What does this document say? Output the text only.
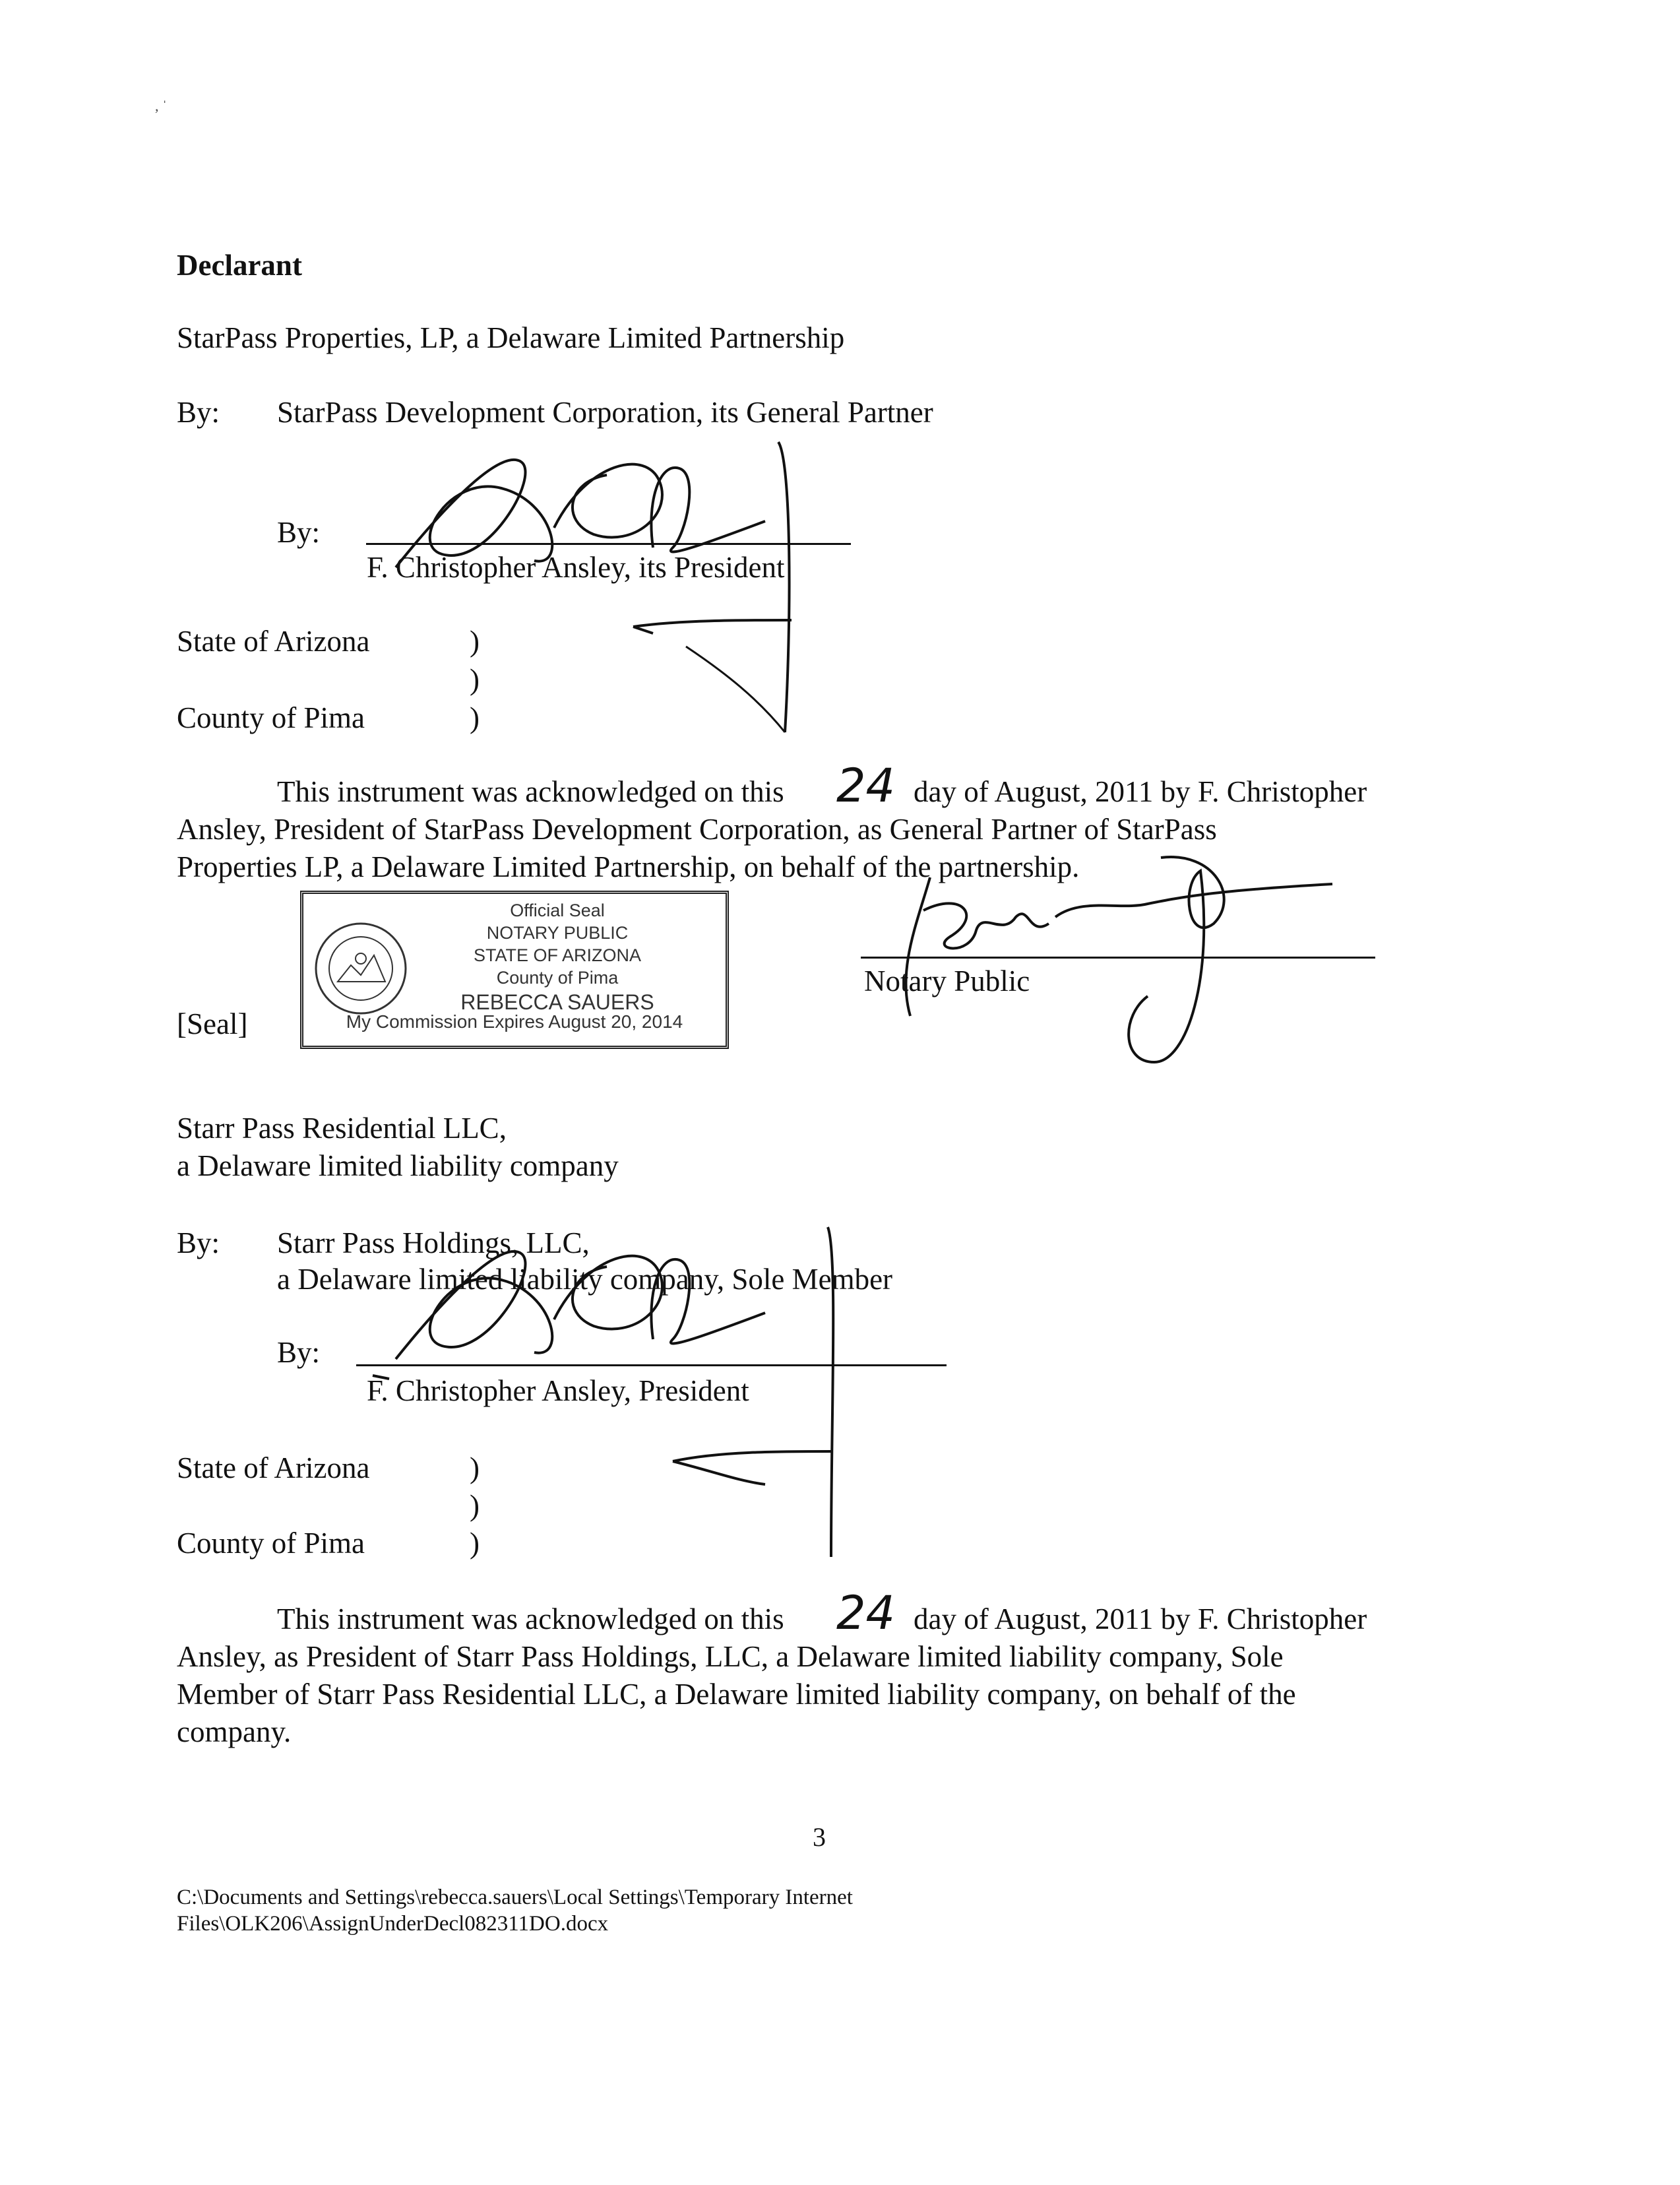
, ˈ
Declarant
StarPass Properties, LP, a Delaware Limited Partnership
By: StarPass Development Corporation, its General Partner
By:
F. Christopher Ansley, its President
State of Arizona	)
)
County of Pima	)
This instrument was acknowledged on this 24 day of August, 2011 by F. Christopher
Ansley, President of StarPass Development Corporation, as General Partner of StarPass
Properties LP, a Delaware Limited Partnership, on behalf of the partnership.
Official Seal
NOTARY PUBLIC
STATE OF ARIZONA
County of Pima
REBECCA SAUERS
My Commission Expires August 20, 2014
[Seal]
Notary Public
Starr Pass Residential LLC,
a Delaware limited liability company
By: Starr Pass Holdings, LLC,
a Delaware limited liability company, Sole Member
By:
F. Christopher Ansley, President
State of Arizona	)
)
County of Pima	)
This instrument was acknowledged on this 24 day of August, 2011 by F. Christopher
Ansley, as President of Starr Pass Holdings, LLC, a Delaware limited liability company, Sole
Member of Starr Pass Residential LLC, a Delaware limited liability company, on behalf of the
company.
3
C:\Documents and Settings\rebecca.sauers\Local Settings\Temporary Internet
Files\OLK206\AssignUnderDecl082311DO.docx
